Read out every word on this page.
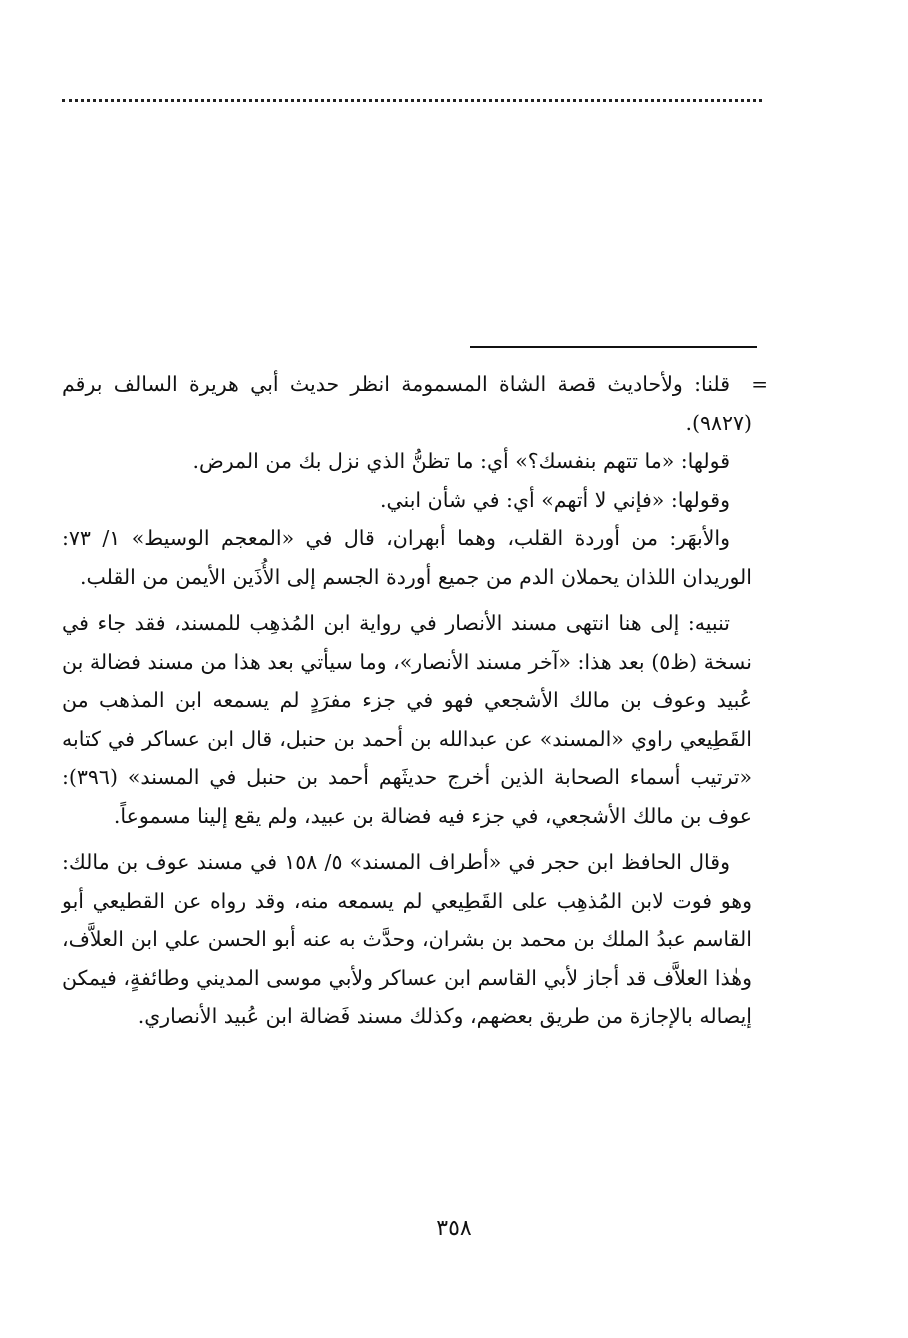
=

قلنا: ولأحاديث قصة الشاة المسمومة انظر حديث أبي هريرة السالف برقم (٩٨٢٧).

قولها: «ما تتهم بنفسك؟» أي: ما تظنُّ الذي نزل بك من المرض.

وقولها: «فإني لا أتهم» أي: في شأن ابني.

والأبهَر: من أوردة القلب، وهما أبهران، قال في «المعجم الوسيط» ١/ ٧٣: الوريدان اللذان يحملان الدم من جميع أوردة الجسم إلى الأُذَين الأيمن من القلب.

تنبيه: إلى هنا انتهى مسند الأنصار في رواية ابن المُذهِب للمسند، فقد جاء في نسخة (ظ٥) بعد هذا: «آخر مسند الأنصار»، وما سيأتي بعد هذا من مسند فضالة بن عُبيد وعوف بن مالك الأشجعي فهو في جزء مفرَدٍ لم يسمعه ابن المذهب من القَطِيعي راوي «المسند» عن عبدالله بن أحمد بن حنبل، قال ابن عساكر في كتابه «ترتيب أسماء الصحابة الذين أخرج حديثَهم أحمد بن حنبل في المسند» (٣٩٦): عوف بن مالك الأشجعي، في جزء فيه فضالة بن عبيد، ولم يقع إلينا مسموعاً.

وقال الحافظ ابن حجر في «أطراف المسند» ٥/ ١٥٨ في مسند عوف بن مالك: وهو فوت لابن المُذهِب على القَطِيعي لم يسمعه منه، وقد رواه عن القطيعي أبو القاسم عبدُ الملك بن محمد بن بشران، وحدَّث به عنه أبو الحسن علي ابن العلاَّف، وهٰذا العلاَّف قد أجاز لأبي القاسم ابن عساكر ولأبي موسى المديني وطائفةٍ، فيمكن إيصاله بالإجازة من طريق بعضهم، وكذلك مسند فَضالة ابن عُبيد الأنصاري.

٣٥٨
